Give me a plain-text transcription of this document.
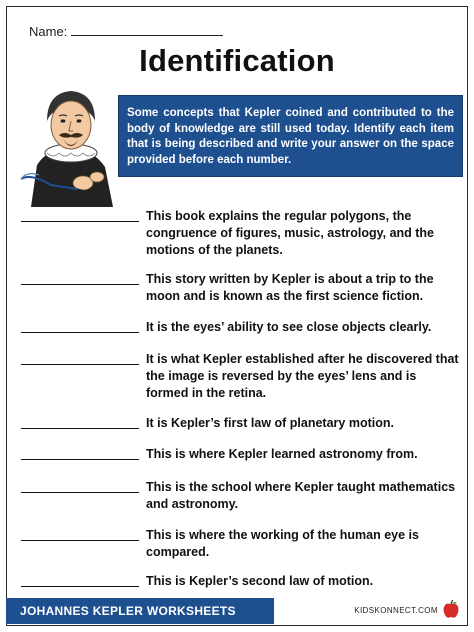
Name:
Identification
Some concepts that Kepler coined and contributed to the body of knowledge are still used today. Identify each item that is being described and write your answer on the space provided before each number.
This book explains the regular polygons, the congruence of figures, music, astrology, and the motions of the planets.
This story written by Kepler is about a trip to the moon and is known as the first science fiction.
It is the eyes’ ability to see close objects clearly.
It is what Kepler established after he discovered that the image is reversed by the eyes’ lens and is formed in the retina.
It is Kepler’s first law of planetary motion.
This is where Kepler learned astronomy from.
This is the school where Kepler taught mathematics and astronomy.
This is where the working of the human eye is compared.
This is Kepler’s second law of motion.
JOHANNES KEPLER WORKSHEETS	KIDSKONNECT.COM
